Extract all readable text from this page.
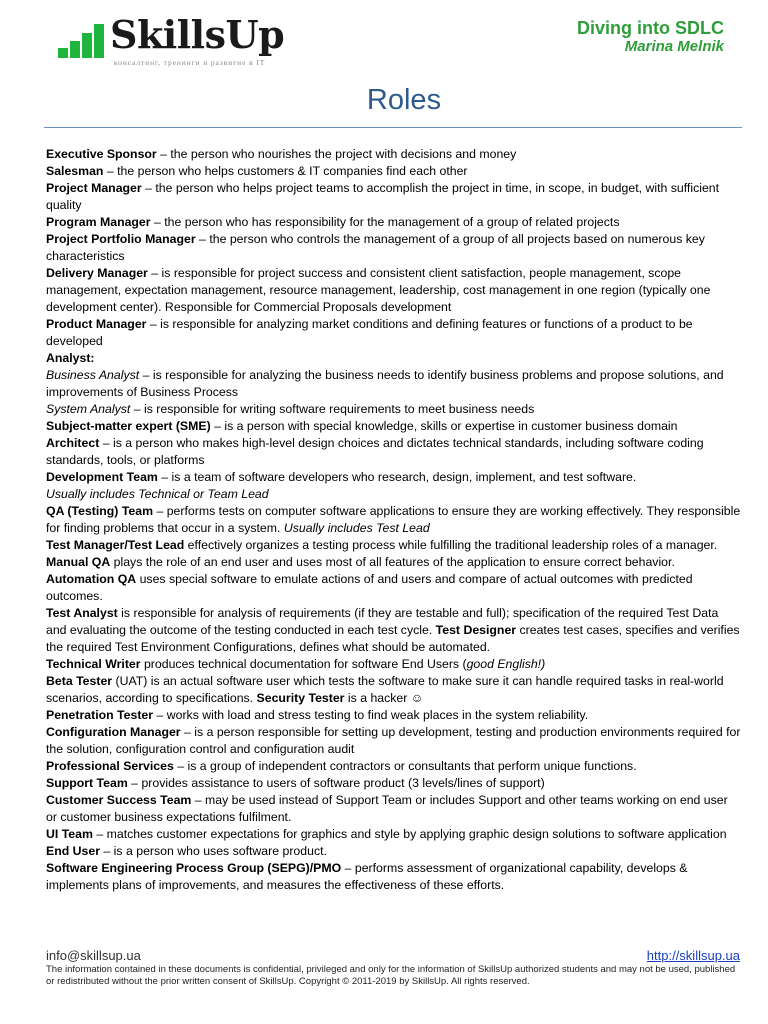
SkillsUp
консалтинг, тренинги и развитие в IT
Diving into SDLC
Marina Melnik
Roles

Executive Sponsor – the person who nourishes the project with decisions and money

Salesman – the person who helps customers & IT companies find each other

Project Manager – the person who helps project teams to accomplish the project in time, in scope, in budget, with sufficient quality

Program Manager – the person who has responsibility for the management of a group of related projects

Project Portfolio Manager – the person who controls the management of a group of all projects based on numerous key characteristics

Delivery Manager – is responsible for project success and consistent client satisfaction, people management, scope management, expectation management, resource management, leadership, cost management in one region (typically one development center). Responsible for Commercial Proposals development

Product Manager – is responsible for analyzing market conditions and defining features or functions of a product to be developed

Analyst:

Business Analyst – is responsible for analyzing the business needs to identify business problems and propose solutions, and improvements of Business Process

System Analyst – is responsible for writing software requirements to meet business needs

Subject-matter expert (SME) – is a person with special knowledge, skills or expertise in customer business domain

Architect – is a person who makes high-level design choices and dictates technical standards, including software coding standards, tools, or platforms

Development Team – is a team of software developers who research, design, implement, and test software.

Usually includes Technical or Team Lead

QA (Testing) Team – performs tests on computer software applications to ensure they are working effectively. They responsible for finding problems that occur in a system. Usually includes Test Lead

Test Manager/Test Lead effectively organizes a testing process while fulfilling the traditional leadership roles of a manager.

Manual QA plays the role of an end user and uses most of all features of the application to ensure correct behavior. Automation QA uses special software to emulate actions of and users and compare of actual outcomes with predicted outcomes.

Test Analyst is responsible for analysis of requirements (if they are testable and full); specification of the required Test Data and evaluating the outcome of the testing conducted in each test cycle. Test Designer creates test cases, specifies and verifies the required Test Environment Configurations, defines what should be automated.

Technical Writer produces technical documentation for software End Users (good English!)

Beta Tester (UAT) is an actual software user which tests the software to make sure it can handle required tasks in real-world scenarios, according to specifications. Security Tester is a hacker ☺

Penetration Tester – works with load and stress testing to find weak places in the system reliability.

Configuration Manager – is a person responsible for setting up development, testing and production environments required for the solution, configuration control and configuration audit

Professional Services – is a group of independent contractors or consultants that perform unique functions.

Support Team – provides assistance to users of software product (3 levels/lines of support)

Customer Success Team – may be used instead of Support Team or includes Support and other teams working on end user or customer business expectations fulfilment.

UI Team – matches customer expectations for graphics and style by applying graphic design solutions to software application

End User – is a person who uses software product.

Software Engineering Process Group (SEPG)/PMO – performs assessment of organizational capability, develops & implements plans of improvements, and measures the effectiveness of these efforts.

info@skillsup.ua	http://skillsup.ua
The information contained in these documents is confidential, privileged and only for the information of SkillsUp authorized students and may not be used, published or redistributed without the prior written consent of SkillsUp. Copyright © 2011-2019 by SkillsUp. All rights reserved.
